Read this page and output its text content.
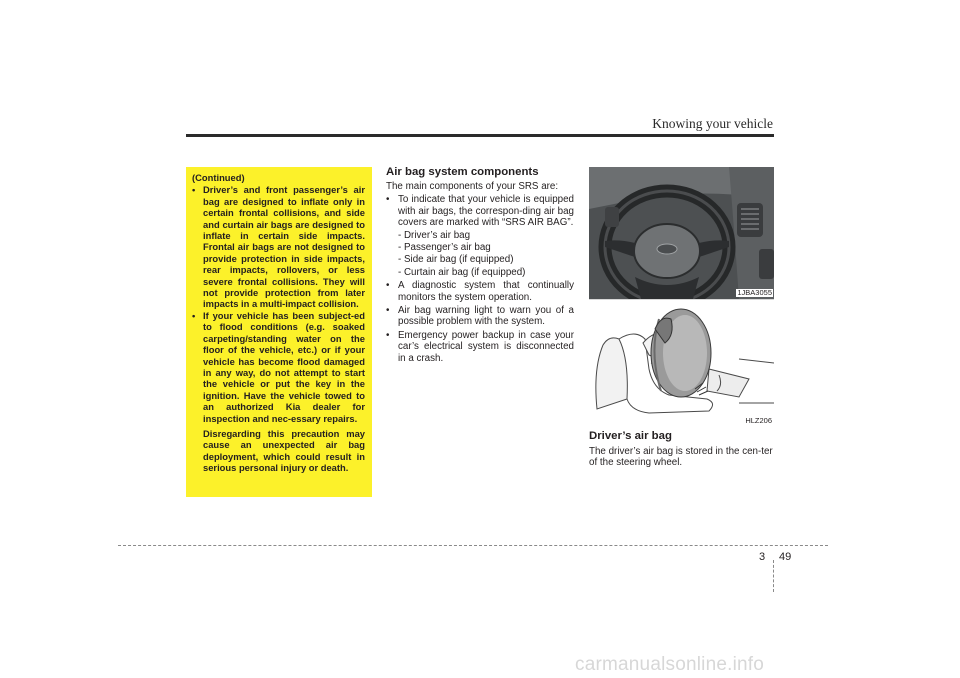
Knowing your vehicle
(Continued)
• Driver’s and front passenger’s air bag are designed to inflate only in certain frontal collisions, and side and curtain air bags are designed to inflate in certain side impacts. Frontal air bags are not designed to provide protection in side impacts, rear impacts, rollovers, or less severe frontal collisions. They will not provide protection from later impacts in a multi-impact collision.
• If your vehicle has been subject-ed to flood conditions (e.g. soaked carpeting/standing water on the floor of the vehicle, etc.) or if your vehicle has become flood damaged in any way, do not attempt to start the vehicle or put the key in the ignition. Have the vehicle towed to an authorized Kia dealer for inspection and nec-essary repairs.
Disregarding this precaution may cause an unexpected air bag deployment, which could result in serious personal injury or death.
Air bag system components
The main components of your SRS are:
• To indicate that your vehicle is equipped with air bags, the correspon-ding air bag covers are marked with “SRS AIR BAG”.
- Driver’s air bag
- Passenger’s air bag
- Side air bag (if equipped)
- Curtain air bag (if equipped)
• A diagnostic system that continually monitors the system operation.
• Air bag warning light to warn you of a possible problem with the system.
• Emergency power backup in case your car’s electrical system is disconnected in a crash.
1JBA3055
HLZ206
Driver’s air bag
The driver’s air bag is stored in the cen-ter of the steering wheel.
3 49
carmanualsonline.info
